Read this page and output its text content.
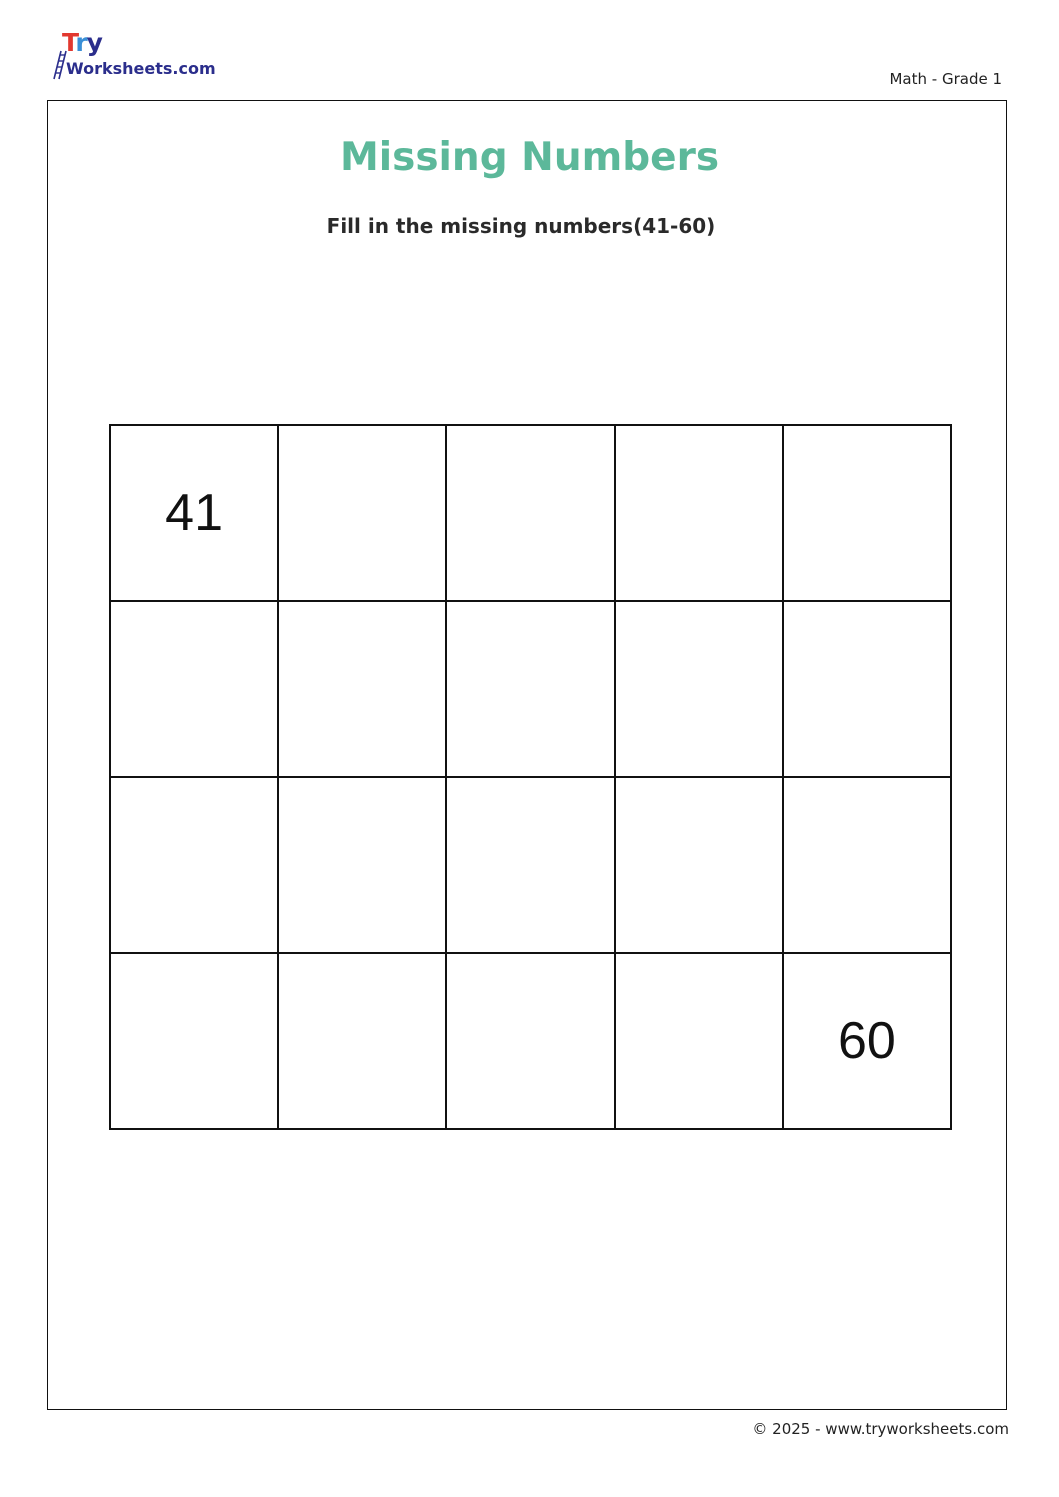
Try
Worksheets.com
Math - Grade 1
Missing Numbers
Fill in the missing numbers(41-60)
41
60
© 2025 - www.tryworksheets.com
